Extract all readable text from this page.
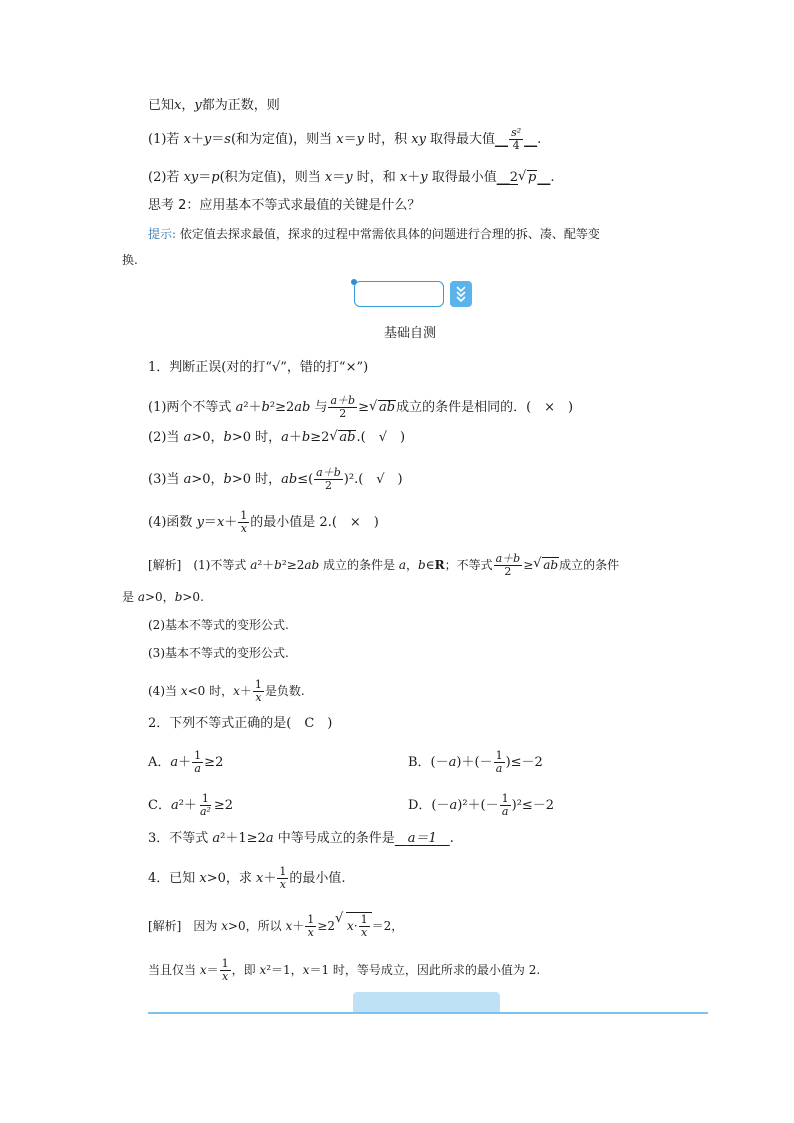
已知x，y都为正数，则
(1)若 x＋y＝s(和为定值)，则当 x＝y 时，积 xy 取得最大值__ $\frac{\text{s²}}{4}$ __.
(2)若 xy＝p(积为定值)，则当 x＝y 时，和 x＋y 取得最小值__2√ p__.
思考 2：应用基本不等式求最值的关键是什么？
提示: 依定值去探求最值，探求的过程中常需依具体的问题进行合理的拆、凑、配等变
换.
基础自测
1．判断正误(对的打“√”，错的打“×”)
(1)两个不等式 a²＋b²≥2ab 与 $\frac{a+b}{2}$ ≥√ ab成立的条件是相同的．(　×　)
(2)当 a>0，b>0 时，a＋b≥2√ ab.(　√　)
(3)当 a>0，b>0 时，$ab\le( \frac{a+b}{2} )^2$.(　√　)
(4)函数 $y=x+ \frac{1}{x}$ 的最小值是 2.(　×　)
[解析]　(1)不等式 a²＋b²≥2ab 成立的条件是 a，b∈R；不等式 $\frac{a+b}{2}$ ≥√ ab成立的条件
是 a>0，b>0.
(2)基本不等式的变形公式.
(3)基本不等式的变形公式.
(4)当 x<0 时，$x+ \frac{1}{x}$ 是负数.
2．下列不等式正确的是(　C　)
A．$a+ \frac{1}{a} \ge 2$	B．$(-a)+(- \frac{1}{a} )\le-2$
C．$a^2+ \frac{1}{\text{a²}} \ge 2$	D．$(-a)^2+(- \frac{1}{a} )^2\le-2$
3．不等式 a²＋1≥2a 中等号成立的条件是  a＝1  .
4．已知 x>0，求 $x+ \frac{1}{x}$ 的最小值.
[解析]　因为 x>0，所以 $x+ \frac{1}{x} \ge 2√$ $x\cdot \frac{1}{x} =2$，
当且仅当 $x= \frac{1}{x}$ ，即 x²＝1，x＝1 时，等号成立，因此所求的最小值为 2.
